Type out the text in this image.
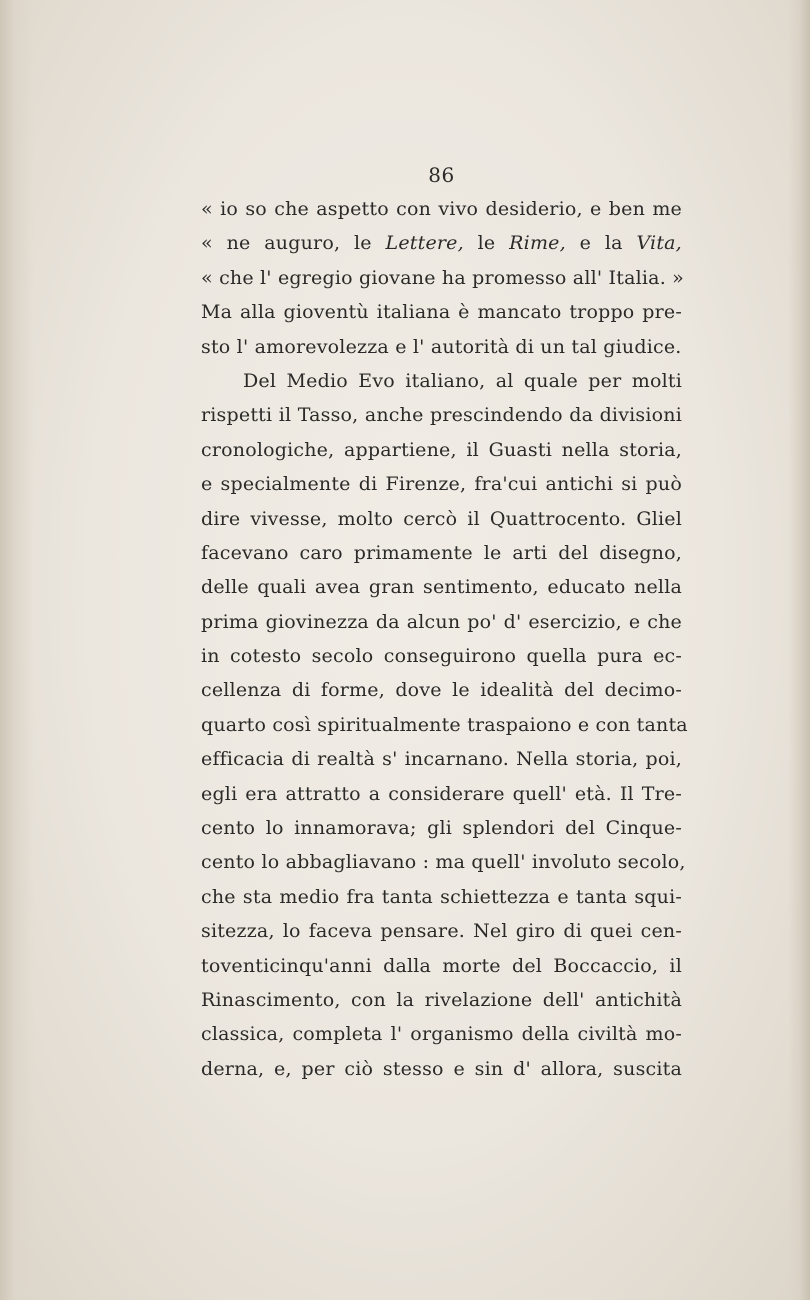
86
« io so che aspetto con vivo desiderio, e ben me
« ne auguro, le Lettere, le Rime, e la Vita,
« che l' egregio giovane ha promesso all' Italia. »
Ma alla gioventù italiana è mancato troppo pre-
sto l' amorevolezza e l' autorità di un tal giudice.
Del Medio Evo italiano, al quale per molti
rispetti il Tasso, anche prescindendo da divisioni
cronologiche, appartiene, il Guasti nella storia,
e specialmente di Firenze, fra'cui antichi si può
dire vivesse, molto cercò il Quattrocento. Gliel
facevano caro primamente le arti del disegno,
delle quali avea gran sentimento, educato nella
prima giovinezza da alcun po' d' esercizio, e che
in cotesto secolo conseguirono quella pura ec-
cellenza di forme, dove le idealità del decimo-
quarto così spiritualmente traspaiono e con tanta
efficacia di realtà s' incarnano. Nella storia, poi,
egli era attratto a considerare quell' età. Il Tre-
cento lo innamorava; gli splendori del Cinque-
cento lo abbagliavano : ma quell' involuto secolo,
che sta medio fra tanta schiettezza e tanta squi-
sitezza, lo faceva pensare. Nel giro di quei cen-
toventicinqu'anni dalla morte del Boccaccio, il
Rinascimento, con la rivelazione dell' antichità
classica, completa l' organismo della civiltà mo-
derna, e, per ciò stesso e sin d' allora, suscita
